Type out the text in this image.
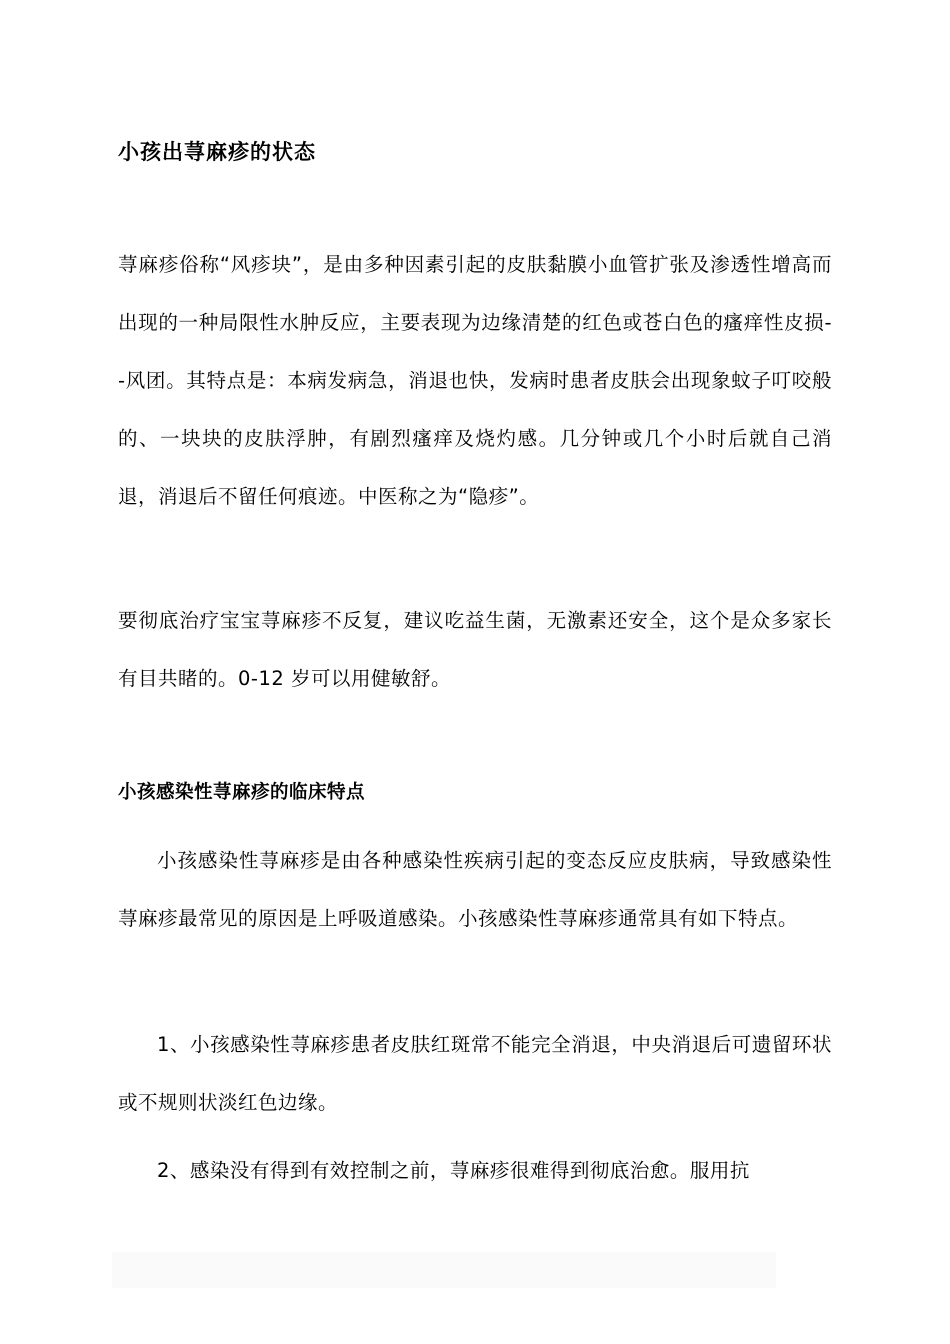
小孩出荨麻疹的状态

荨麻疹俗称“风疹块”，是由多种因素引起的皮肤黏膜小血管扩张及渗透性增高而出现的一种局限性水肿反应，主要表现为边缘清楚的红色或苍白色的瘙痒性皮损--风团。其特点是：本病发病急，消退也快，发病时患者皮肤会出现象蚊子叮咬般的、一块块的皮肤浮肿，有剧烈瘙痒及烧灼感。几分钟或几个小时后就自己消退，消退后不留任何痕迹。中医称之为“隐疹”。

要彻底治疗宝宝荨麻疹不反复，建议吃益生菌，无激素还安全，这个是众多家长有目共睹的。0-12 岁可以用健敏舒。

小孩感染性荨麻疹的临床特点

小孩感染性荨麻疹是由各种感染性疾病引起的变态反应皮肤病，导致感染性荨麻疹最常见的原因是上呼吸道感染。小孩感染性荨麻疹通常具有如下特点。

1、小孩感染性荨麻疹患者皮肤红斑常不能完全消退，中央消退后可遗留环状或不规则状淡红色边缘。

2、感染没有得到有效控制之前，荨麻疹很难得到彻底治愈。服用抗
